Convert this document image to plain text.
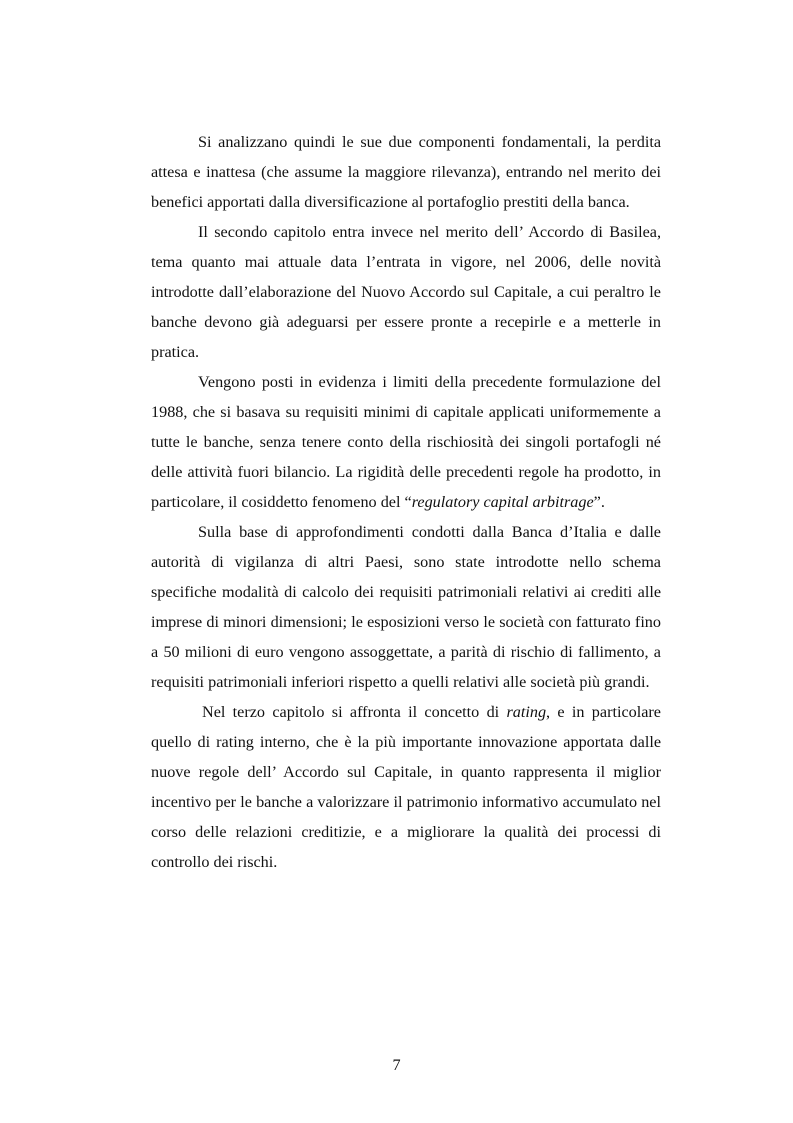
Si analizzano quindi le sue due componenti fondamentali, la perdita attesa e inattesa (che assume la maggiore rilevanza), entrando nel merito dei benefici apportati dalla diversificazione al portafoglio prestiti della banca.

Il secondo capitolo entra invece nel merito dell’ Accordo di Basilea, tema quanto mai attuale data l’entrata in vigore, nel 2006, delle novità introdotte dall’elaborazione del Nuovo Accordo sul Capitale, a cui peraltro le banche devono già adeguarsi per essere pronte a recepirle e a metterle in pratica.

Vengono posti in evidenza i limiti della precedente formulazione del 1988, che si basava su requisiti minimi di capitale applicati uniformemente a tutte le banche, senza tenere conto della rischiosità dei singoli portafogli né delle attività fuori bilancio. La rigidità delle precedenti regole ha prodotto, in particolare, il cosiddetto fenomeno del “regulatory capital arbitrage”.

Sulla base di approfondimenti condotti dalla Banca d’Italia e dalle autorità di vigilanza di altri Paesi, sono state introdotte nello schema specifiche modalità di calcolo dei requisiti patrimoniali relativi ai crediti alle imprese di minori dimensioni; le esposizioni verso le società con fatturato fino a 50 milioni di euro vengono assoggettate, a parità di rischio di fallimento, a requisiti patrimoniali inferiori rispetto a quelli relativi alle società più grandi.

Nel terzo capitolo si affronta il concetto di rating, e in particolare quello di rating interno, che è la più importante innovazione apportata dalle nuove regole dell’ Accordo sul Capitale, in quanto rappresenta il miglior incentivo per le banche a valorizzare il patrimonio informativo accumulato nel corso delle relazioni creditizie, e a migliorare la qualità dei processi di controllo dei rischi.

7
